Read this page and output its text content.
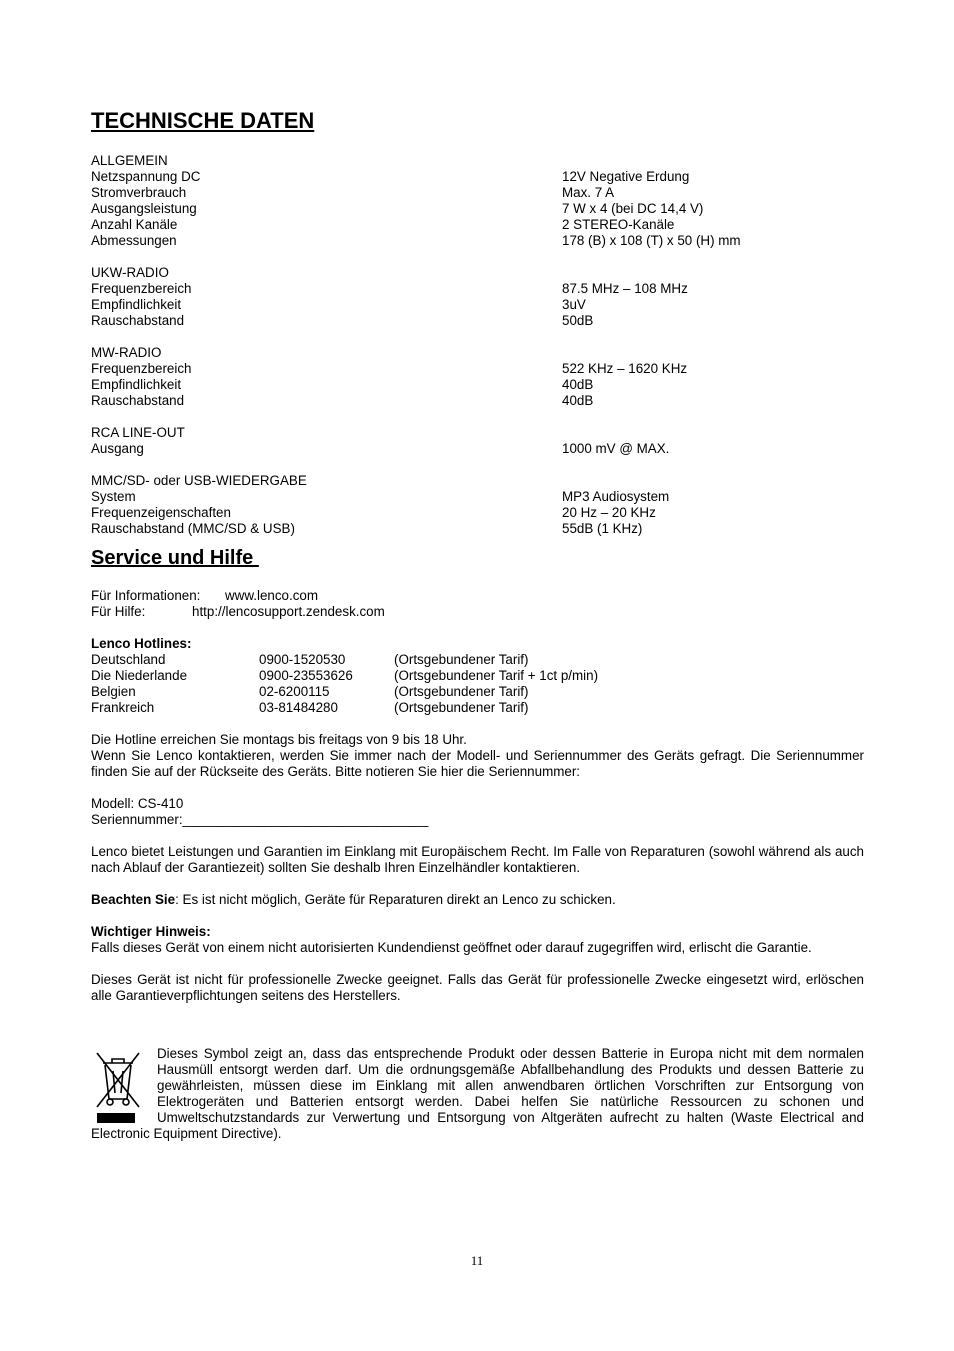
TECHNISCHE DATEN
ALLGEMEIN
Netzspannung DC	12V Negative Erdung
Stromverbrauch	Max. 7 A
Ausgangsleistung	7 W x 4 (bei DC 14,4 V)
Anzahl Kanäle	2 STEREO-Kanäle
Abmessungen	178 (B) x 108 (T) x 50 (H) mm
UKW-RADIO
Frequenzbereich	87.5 MHz – 108 MHz
Empfindlichkeit	3uV
Rauschabstand	50dB
MW-RADIO
Frequenzbereich	522 KHz – 1620 KHz
Empfindlichkeit	40dB
Rauschabstand	40dB
RCA LINE-OUT
Ausgang	1000 mV @ MAX.
MMC/SD- oder USB-WIEDERGABE
System	MP3 Audiosystem
Frequenzeigenschaften	20 Hz – 20 KHz
Rauschabstand (MMC/SD & USB)	55dB (1 KHz)
Service und Hilfe
Für Informationen: www.lenco.com
Für Hilfe:	http://lencosupport.zendesk.com
Lenco Hotlines:
Deutschland	0900-1520530	(Ortsgebundener Tarif)
Die Niederlande	0900-23553626	(Ortsgebundener Tarif + 1ct p/min)
Belgien	02-6200115	(Ortsgebundener Tarif)
Frankreich	03-81484280	(Ortsgebundener Tarif)

Die Hotline erreichen Sie montags bis freitags von 9 bis 18 Uhr.

Wenn Sie Lenco kontaktieren, werden Sie immer nach der Modell- und Seriennummer des Geräts gefragt. Die Seriennummer finden Sie auf der Rückseite des Geräts. Bitte notieren Sie hier die Seriennummer:

Modell: CS-410
Seriennummer:_________________________________

Lenco bietet Leistungen und Garantien im Einklang mit Europäischem Recht. Im Falle von Reparaturen (sowohl während als auch nach Ablauf der Garantiezeit) sollten Sie deshalb Ihren Einzelhändler kontaktieren.

Beachten Sie: Es ist nicht möglich, Geräte für Reparaturen direkt an Lenco zu schicken.

Wichtiger Hinweis:

Falls dieses Gerät von einem nicht autorisierten Kundendienst geöffnet oder darauf zugegriffen wird, erlischt die Garantie.

Dieses Gerät ist nicht für professionelle Zwecke geeignet. Falls das Gerät für professionelle Zwecke eingesetzt wird, erlöschen alle Garantieverpflichtungen seitens des Herstellers.

Dieses Symbol zeigt an, dass das entsprechende Produkt oder dessen Batterie in Europa nicht mit dem normalen Hausmüll entsorgt werden darf. Um die ordnungsgemäße Abfallbehandlung des Produkts und dessen Batterie zu gewährleisten, müssen diese im Einklang mit allen anwendbaren örtlichen Vorschriften zur Entsorgung von Elektrogeräten und Batterien entsorgt werden. Dabei helfen Sie natürliche Ressourcen zu schonen und Umweltschutzstandards zur Verwertung und Entsorgung von Altgeräten aufrecht zu halten (Waste Electrical and Electronic Equipment Directive).

11
